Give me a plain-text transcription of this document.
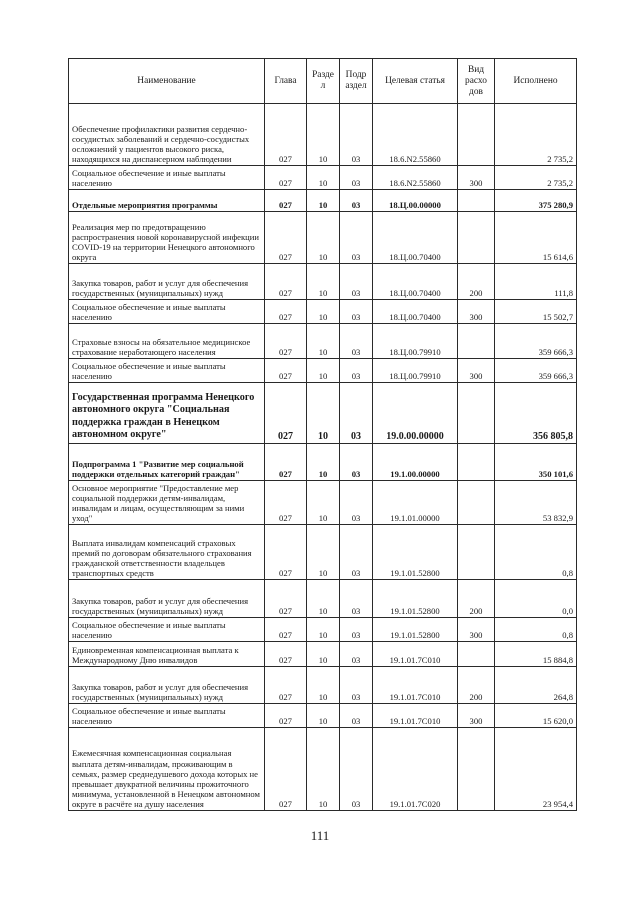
Наименование	Глава	Разде л	Подр аздел	Целевая статья	Вид расхо дов	Исполнено
Обеспечение профилактики развития сердечно-сосудистых заболеваний и сердечно-сосудистых осложнений у пациентов высокого риска, находящихся на диспансерном наблюдении	027	10	03	18.6.N2.55860		2 735,2
Социальное обеспечение и иные выплаты населению	027	10	03	18.6.N2.55860	300	2 735,2
Отдельные мероприятия программы	027	10	03	18.Ц.00.00000		375 280,9
Реализация мер по предотвращению распространения новой коронавирусной инфекции COVID-19 на территории Ненецкого автономного округа	027	10	03	18.Ц.00.70400		15 614,6
Закупка товаров, работ и услуг для обеспечения государственных (муниципальных) нужд	027	10	03	18.Ц.00.70400	200	111,8
Социальное обеспечение и иные выплаты населению	027	10	03	18.Ц.00.70400	300	15 502,7
Страховые взносы на обязательное медицинское страхование неработающего населения	027	10	03	18.Ц.00.79910		359 666,3
Социальное обеспечение и иные выплаты населению	027	10	03	18.Ц.00.79910	300	359 666,3
Государственная программа Ненецкого автономного округа "Социальная поддержка граждан в Ненецком автономном округе"	027	10	03	19.0.00.00000		356 805,8
Подпрограмма 1 "Развитие мер социальной поддержки отдельных категорий граждан"	027	10	03	19.1.00.00000		350 101,6
Основное мероприятие "Предоставление мер социальной поддержки детям-инвалидам, инвалидам и лицам, осуществляющим за ними уход"	027	10	03	19.1.01.00000		53 832,9
Выплата инвалидам компенсаций страховых премий по договорам обязательного страхования гражданской ответственности владельцев транспортных средств	027	10	03	19.1.01.52800		0,8
Закупка товаров, работ и услуг для обеспечения государственных (муниципальных) нужд	027	10	03	19.1.01.52800	200	0,0
Социальное обеспечение и иные выплаты населению	027	10	03	19.1.01.52800	300	0,8
Единовременная компенсационная выплата к Международному Дню инвалидов	027	10	03	19.1.01.7C010		15 884,8
Закупка товаров, работ и услуг для обеспечения государственных (муниципальных) нужд	027	10	03	19.1.01.7C010	200	264,8
Социальное обеспечение и иные выплаты населению	027	10	03	19.1.01.7C010	300	15 620,0
Ежемесячная компенсационная социальная выплата детям-инвалидам, проживающим в семьях, размер среднедушевого дохода которых не превышает двукратной величины прожиточного минимума, установленной в Ненецком автономном округе в расчёте на душу населения	027	10	03	19.1.01.7C020		23 954,4
111
